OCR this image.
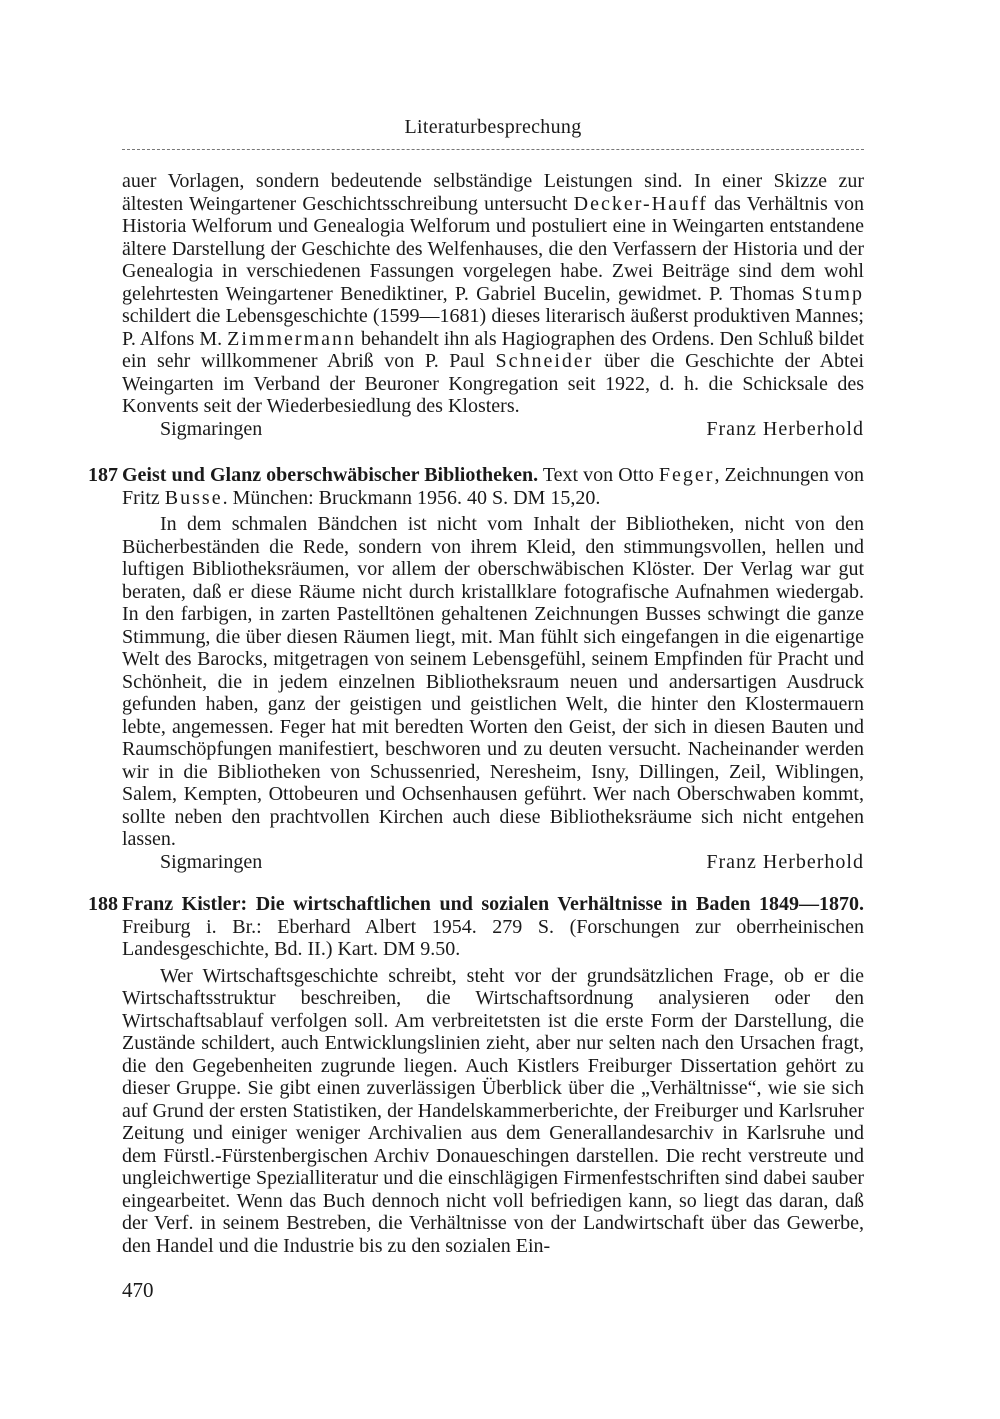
Literaturbesprechung

auer Vorlagen, sondern bedeutende selbständige Leistungen sind. In einer Skizze zur ältesten Weingartener Geschichtsschreibung untersucht Decker-Hauff das Verhältnis von Historia Welforum und Genealogia Welforum und postuliert eine in Weingarten entstandene ältere Darstellung der Geschichte des Welfenhauses, die den Verfassern der Historia und der Genealogia in verschiedenen Fassungen vorgelegen habe. Zwei Beiträge sind dem wohl gelehrtesten Weingartener Benediktiner, P. Gabriel Bucelin, gewidmet. P. Thomas Stump schildert die Lebensgeschichte (1599—1681) dieses literarisch äußerst produktiven Mannes; P. Alfons M. Zimmermann behandelt ihn als Hagiographen des Ordens. Den Schluß bildet ein sehr willkommener Abriß von P. Paul Schneider über die Geschichte der Abtei Weingarten im Verband der Beuroner Kongregation seit 1922, d. h. die Schicksale des Konvents seit der Wiederbesiedlung des Klosters.

Sigmaringen	Franz Herberhold
187 Geist und Glanz oberschwäbischer Bibliotheken. Text von Otto Feger, Zeichnungen von Fritz Busse. München: Bruckmann 1956. 40 S. DM 15,20.

In dem schmalen Bändchen ist nicht vom Inhalt der Bibliotheken, nicht von den Bücherbeständen die Rede, sondern von ihrem Kleid, den stimmungsvollen, hellen und luftigen Bibliotheksräumen, vor allem der oberschwäbischen Klöster. Der Verlag war gut beraten, daß er diese Räume nicht durch kristallklare fotografische Aufnahmen wiedergab. In den farbigen, in zarten Pastelltönen gehaltenen Zeichnungen Busses schwingt die ganze Stimmung, die über diesen Räumen liegt, mit. Man fühlt sich eingefangen in die eigenartige Welt des Barocks, mitgetragen von seinem Lebensgefühl, seinem Empfinden für Pracht und Schönheit, die in jedem einzelnen Bibliotheksraum neuen und andersartigen Ausdruck gefunden haben, ganz der geistigen und geistlichen Welt, die hinter den Klostermauern lebte, angemessen. Feger hat mit beredten Worten den Geist, der sich in diesen Bauten und Raumschöpfungen manifestiert, beschworen und zu deuten versucht. Nacheinander werden wir in die Bibliotheken von Schussenried, Neresheim, Isny, Dillingen, Zeil, Wiblingen, Salem, Kempten, Ottobeuren und Ochsenhausen geführt. Wer nach Oberschwaben kommt, sollte neben den prachtvollen Kirchen auch diese Bibliotheksräume sich nicht entgehen lassen.

Sigmaringen	Franz Herberhold
188 Franz Kistler: Die wirtschaftlichen und sozialen Verhältnisse in Baden 1849—1870. Freiburg i. Br.: Eberhard Albert 1954. 279 S. (Forschungen zur oberrheinischen Landesgeschichte, Bd. II.) Kart. DM 9.50.

Wer Wirtschaftsgeschichte schreibt, steht vor der grundsätzlichen Frage, ob er die Wirtschaftsstruktur beschreiben, die Wirtschaftsordnung analysieren oder den Wirtschaftsablauf verfolgen soll. Am verbreitetsten ist die erste Form der Darstellung, die Zustände schildert, auch Entwicklungslinien zieht, aber nur selten nach den Ursachen fragt, die den Gegebenheiten zugrunde liegen. Auch Kistlers Freiburger Dissertation gehört zu dieser Gruppe. Sie gibt einen zuverlässigen Überblick über die „Verhältnisse“, wie sie sich auf Grund der ersten Statistiken, der Handelskammerberichte, der Freiburger und Karlsruher Zeitung und einiger weniger Archivalien aus dem Generallandesarchiv in Karlsruhe und dem Fürstl.-Fürstenbergischen Archiv Donaueschingen darstellen. Die recht verstreute und ungleichwertige Spezialliteratur und die einschlägigen Firmenfestschriften sind dabei sauber eingearbeitet. Wenn das Buch dennoch nicht voll befriedigen kann, so liegt das daran, daß der Verf. in seinem Bestreben, die Verhältnisse von der Landwirtschaft über das Gewerbe, den Handel und die Industrie bis zu den sozialen Ein-

470
